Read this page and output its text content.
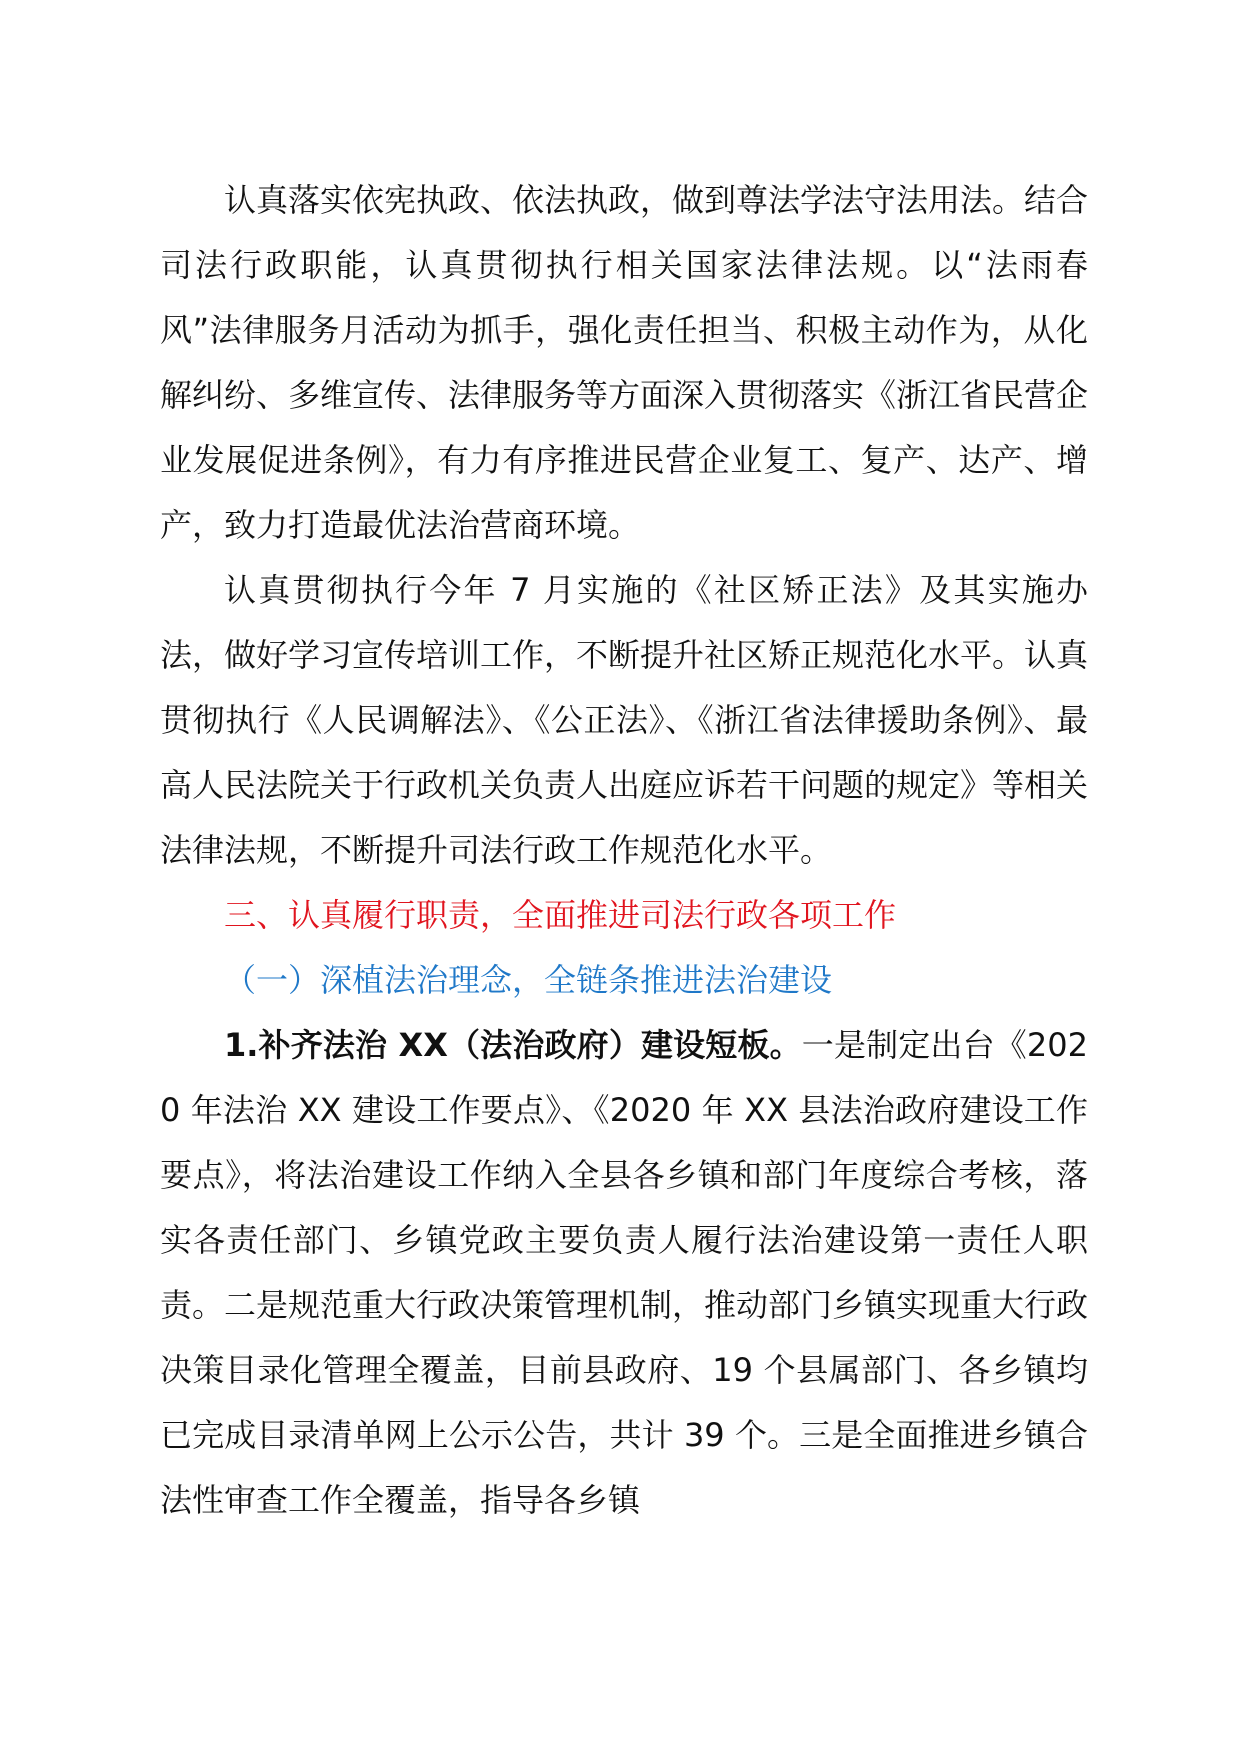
认真落实依宪执政、依法执政，做到尊法学法守法用法。结合司法行政职能，认真贯彻执行相关国家法律法规。以“法雨春风”法律服务月活动为抓手，强化责任担当、积极主动作为，从化解纠纷、多维宣传、法律服务等方面深入贯彻落实《浙江省民营企业发展促进条例》，有力有序推进民营企业复工、复产、达产、增产，致力打造最优法治营商环境。

认真贯彻执行今年 7 月实施的《社区矫正法》及其实施办法，做好学习宣传培训工作，不断提升社区矫正规范化水平。认真贯彻执行《人民调解法》、《公正法》、《浙江省法律援助条例》、最高人民法院关于行政机关负责人出庭应诉若干问题的规定》等相关法律法规，不断提升司法行政工作规范化水平。

三、认真履行职责，全面推进司法行政各项工作

（一）深植法治理念，全链条推进法治建设

1.补齐法治 XX（法治政府）建设短板。一是制定出台《2020 年法治 XX 建设工作要点》、《2020 年 XX 县法治政府建设工作要点》，将法治建设工作纳入全县各乡镇和部门年度综合考核，落实各责任部门、乡镇党政主要负责人履行法治建设第一责任人职责。二是规范重大行政决策管理机制，推动部门乡镇实现重大行政决策目录化管理全覆盖，目前县政府、19 个县属部门、各乡镇均已完成目录清单网上公示公告，共计 39 个。三是全面推进乡镇合法性审查工作全覆盖，指导各乡镇
